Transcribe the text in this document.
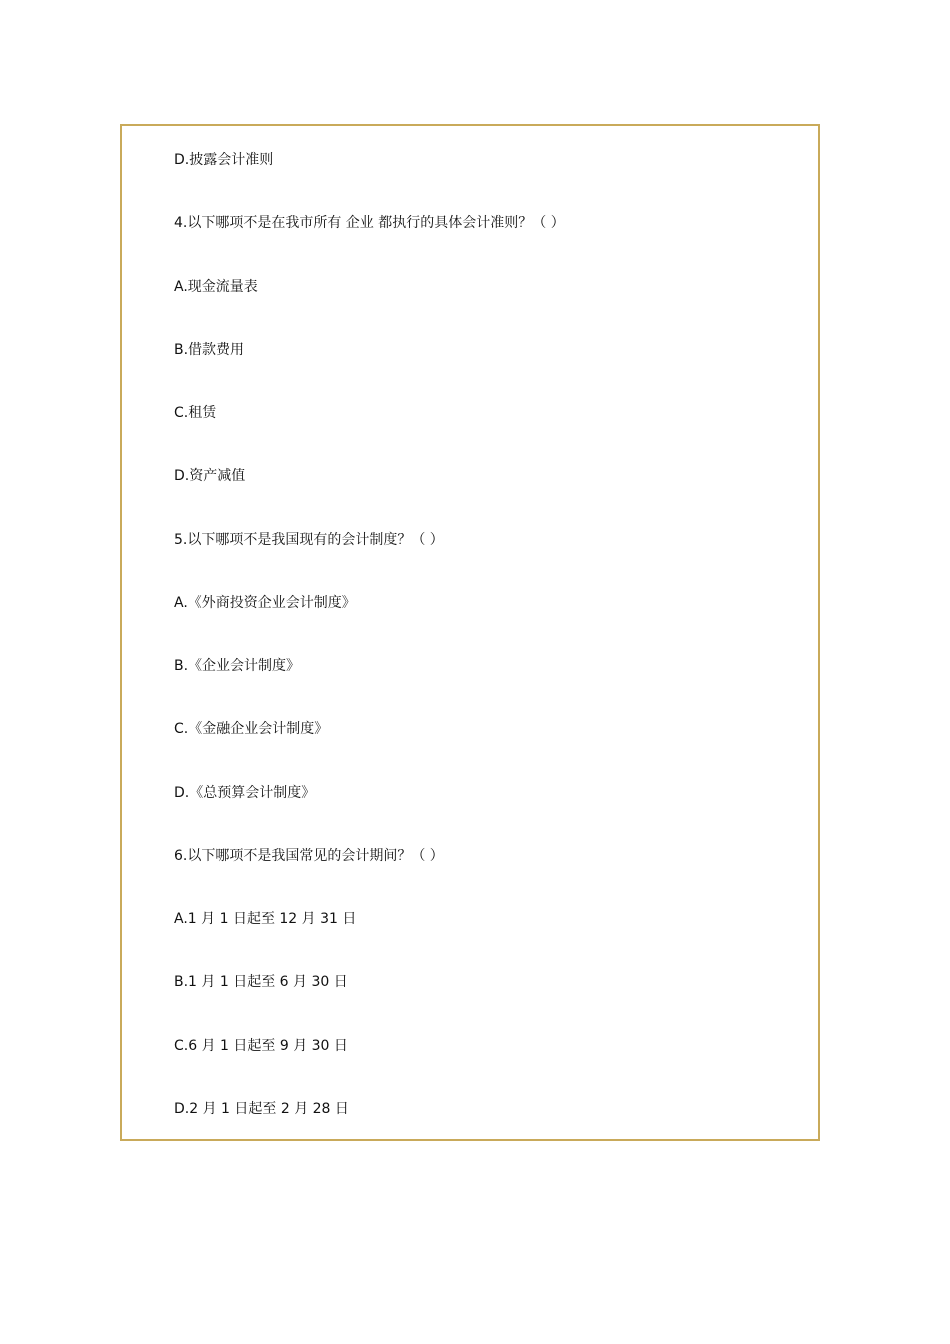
D.披露会计准则
4.以下哪项不是在我市所有 企业 都执行的具体会计准则？（ ）
A.现金流量表
B.借款费用
C.租赁
D.资产减值
5.以下哪项不是我国现有的会计制度？（ ）
A.《外商投资企业会计制度》
B.《企业会计制度》
C.《金融企业会计制度》
D.《总预算会计制度》
6.以下哪项不是我国常见的会计期间？（ ）
A.1 月 1 日起至 12 月 31 日
B.1 月 1 日起至 6 月 30 日
C.6 月 1 日起至 9 月 30 日
D.2 月 1 日起至 2 月 28 日
